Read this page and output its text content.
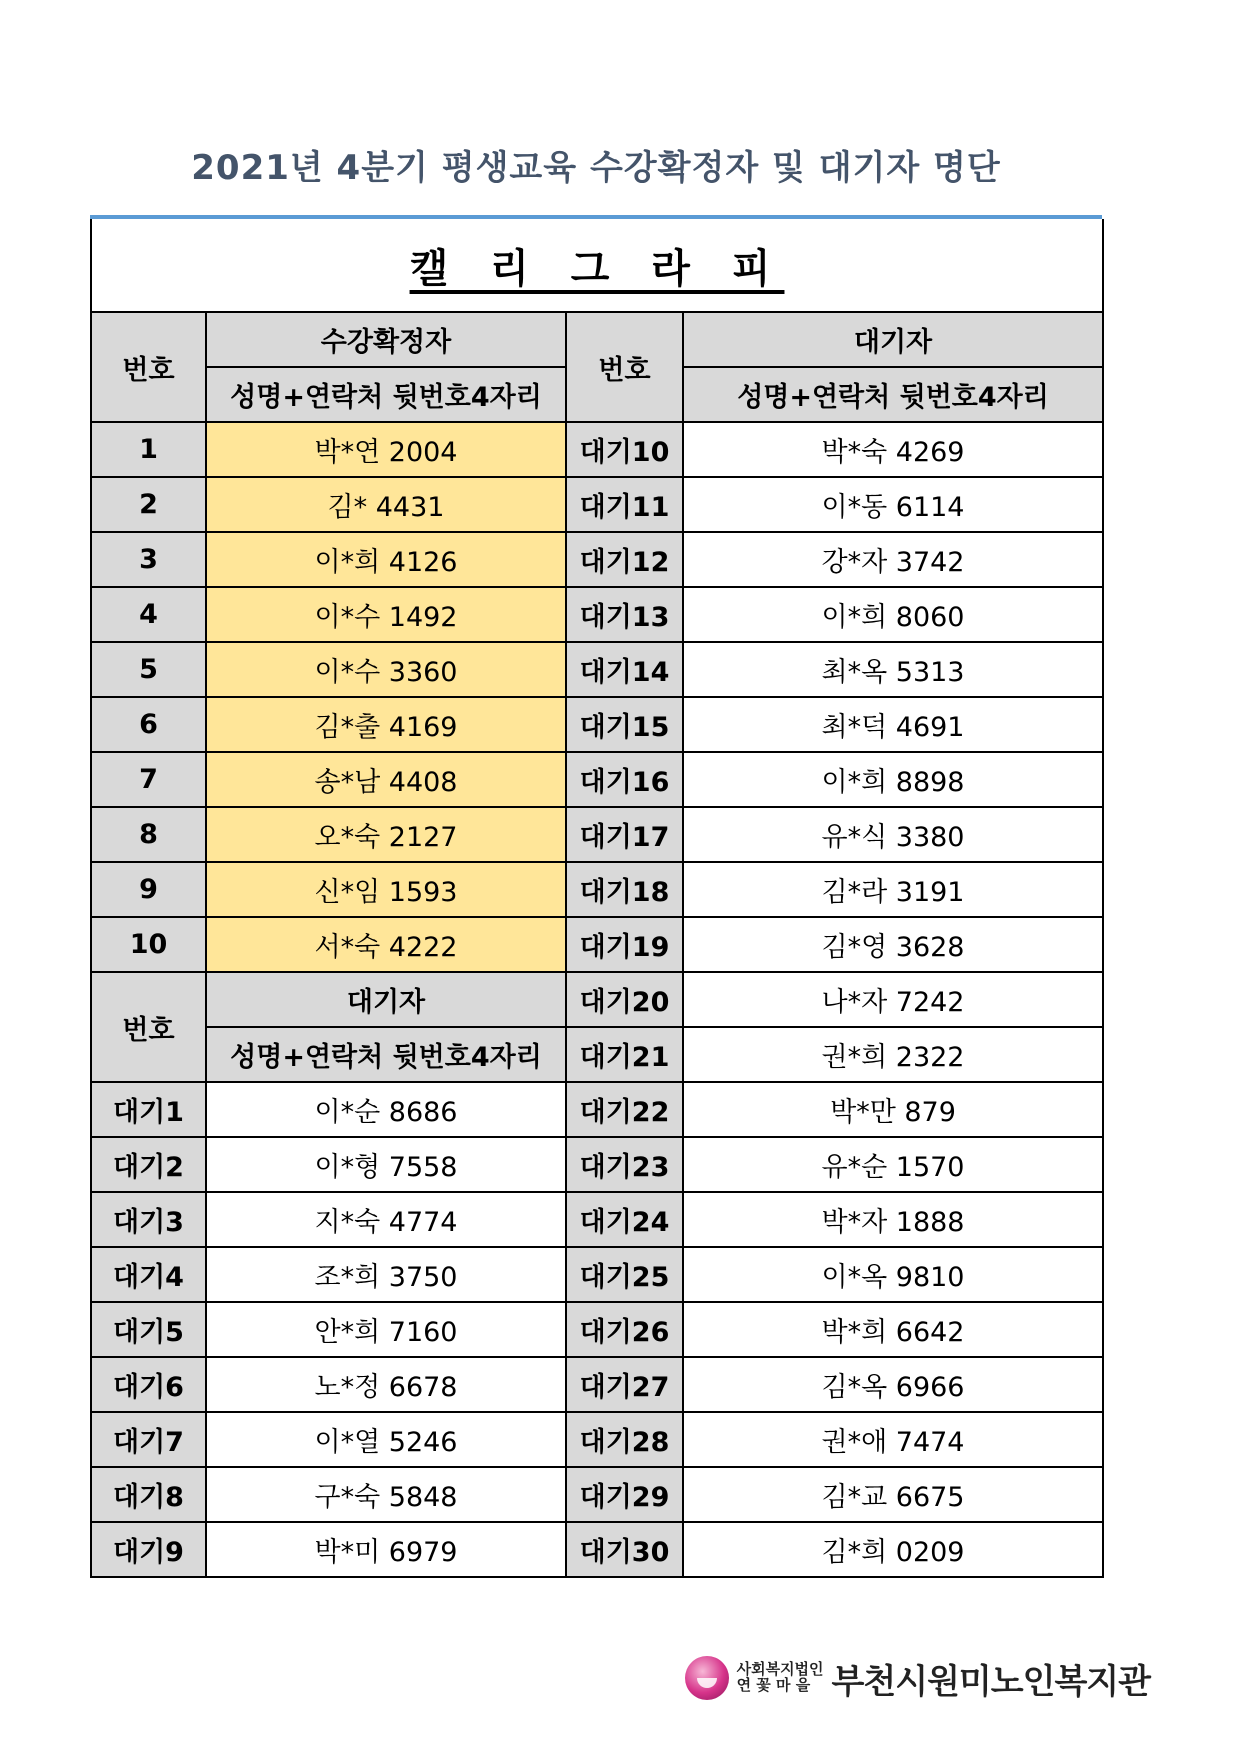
2021년 4분기 평생교육 수강확정자 및 대기자 명단
캘 리 그 라 피			
번호	수강확정자	번호	대기자
	성명+연락처 뒷번호4자리		성명+연락처 뒷번호4자리
1	박*연 2004	대기10	박*숙 4269
2	김* 4431	대기11	이*동 6114
3	이*희 4126	대기12	강*자 3742
4	이*수 1492	대기13	이*희 8060
5	이*수 3360	대기14	최*옥 5313
6	김*출 4169	대기15	최*덕 4691
7	송*남 4408	대기16	이*희 8898
8	오*숙 2127	대기17	유*식 3380
9	신*임 1593	대기18	김*라 3191
10	서*숙 4222	대기19	김*영 3628
번호	대기자	대기20	나*자 7242
	성명+연락처 뒷번호4자리	대기21	권*희 2322
대기1	이*순 8686	대기22	박*만 879
대기2	이*형 7558	대기23	유*순 1570
대기3	지*숙 4774	대기24	박*자 1888
대기4	조*희 3750	대기25	이*옥 9810
대기5	안*희 7160	대기26	박*희 6642
대기6	노*정 6678	대기27	김*옥 6966
대기7	이*열 5246	대기28	권*애 7474
대기8	구*숙 5848	대기29	김*교 6675
대기9	박*미 6979	대기30	김*희 0209
사회복지법인
연 꽃 마 을 부천시원미노인복지관
